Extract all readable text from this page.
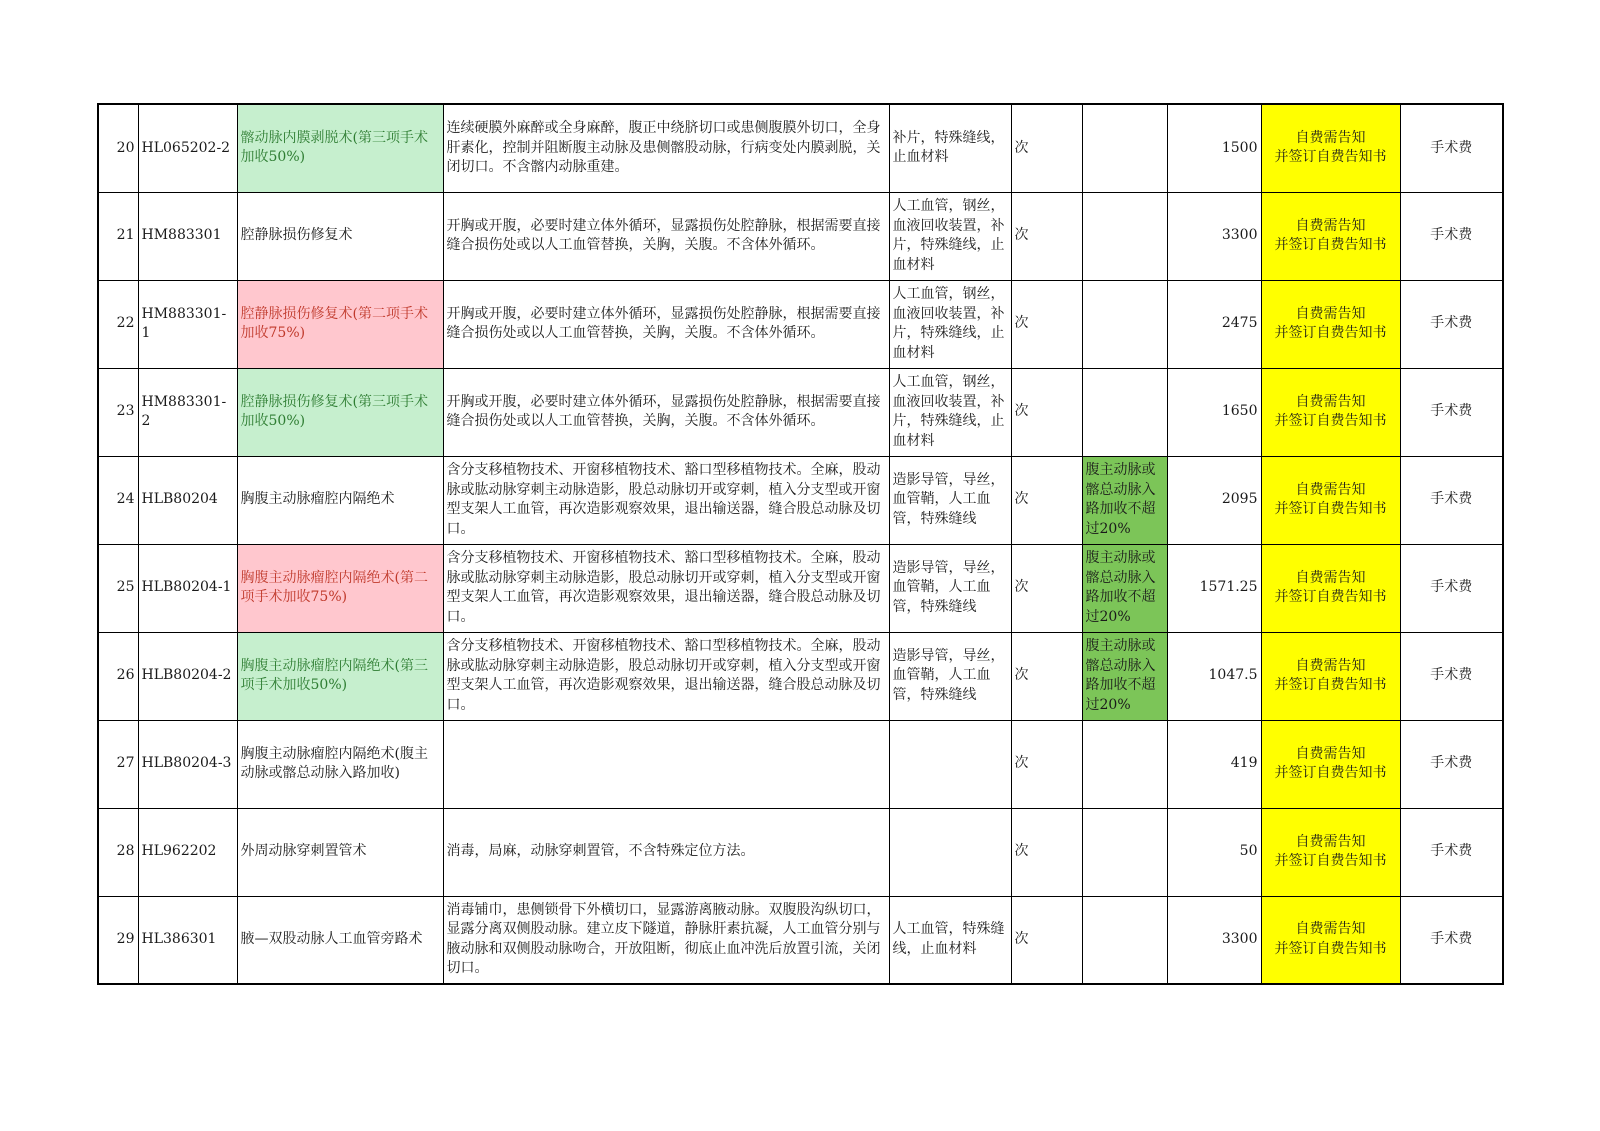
20	HL065202-2	髂动脉内膜剥脱术(第三项手术加收50%)	连续硬膜外麻醉或全身麻醉，腹正中绕脐切口或患侧腹膜外切口，全身肝素化，控制并阻断腹主动脉及患侧髂股动脉，行病变处内膜剥脱，关闭切口。不含髂内动脉重建。	补片，特殊缝线，止血材料	次		1500	自费需告知
并签订自费告知书	手术费
21	HM883301	腔静脉损伤修复术	开胸或开腹，必要时建立体外循环，显露损伤处腔静脉，根据需要直接缝合损伤处或以人工血管替换，关胸，关腹。不含体外循环。	人工血管，钢丝，血液回收装置，补片，特殊缝线，止血材料	次		3300	自费需告知
并签订自费告知书	手术费
22	HM883301-1	腔静脉损伤修复术(第二项手术加收75%)	开胸或开腹，必要时建立体外循环，显露损伤处腔静脉，根据需要直接缝合损伤处或以人工血管替换，关胸，关腹。不含体外循环。	人工血管，钢丝，血液回收装置，补片，特殊缝线，止血材料	次		2475	自费需告知
并签订自费告知书	手术费
23	HM883301-2	腔静脉损伤修复术(第三项手术加收50%)	开胸或开腹，必要时建立体外循环，显露损伤处腔静脉，根据需要直接缝合损伤处或以人工血管替换，关胸，关腹。不含体外循环。	人工血管，钢丝，血液回收装置，补片，特殊缝线，止血材料	次		1650	自费需告知
并签订自费告知书	手术费
24	HLB80204	胸腹主动脉瘤腔内隔绝术	含分支移植物技术、开窗移植物技术、豁口型移植物技术。全麻，股动脉或肱动脉穿刺主动脉造影，股总动脉切开或穿刺，植入分支型或开窗型支架人工血管，再次造影观察效果，退出输送器，缝合股总动脉及切口。	造影导管，导丝，血管鞘，人工血管，特殊缝线	次	腹主动脉或髂总动脉入路加收不超过20%	2095	自费需告知
并签订自费告知书	手术费
25	HLB80204-1	胸腹主动脉瘤腔内隔绝术(第二项手术加收75%)	含分支移植物技术、开窗移植物技术、豁口型移植物技术。全麻，股动脉或肱动脉穿刺主动脉造影，股总动脉切开或穿刺，植入分支型或开窗型支架人工血管，再次造影观察效果，退出输送器，缝合股总动脉及切口。	造影导管，导丝，血管鞘，人工血管，特殊缝线	次	腹主动脉或髂总动脉入路加收不超过20%	1571.25	自费需告知
并签订自费告知书	手术费
26	HLB80204-2	胸腹主动脉瘤腔内隔绝术(第三项手术加收50%)	含分支移植物技术、开窗移植物技术、豁口型移植物技术。全麻，股动脉或肱动脉穿刺主动脉造影，股总动脉切开或穿刺，植入分支型或开窗型支架人工血管，再次造影观察效果，退出输送器，缝合股总动脉及切口。	造影导管，导丝，血管鞘，人工血管，特殊缝线	次	腹主动脉或髂总动脉入路加收不超过20%	1047.5	自费需告知
并签订自费告知书	手术费
27	HLB80204-3	胸腹主动脉瘤腔内隔绝术(腹主动脉或髂总动脉入路加收)			次		419	自费需告知
并签订自费告知书	手术费
28	HL962202	外周动脉穿刺置管术	消毒，局麻，动脉穿刺置管，不含特殊定位方法。		次		50	自费需告知
并签订自费告知书	手术费
29	HL386301	腋—双股动脉人工血管旁路术	消毒铺巾，患侧锁骨下外横切口，显露游离腋动脉。双腹股沟纵切口，显露分离双侧股动脉。建立皮下隧道，静脉肝素抗凝，人工血管分别与腋动脉和双侧股动脉吻合，开放阻断，彻底止血冲洗后放置引流，关闭切口。	人工血管，特殊缝线，止血材料	次		3300	自费需告知
并签订自费告知书	手术费
